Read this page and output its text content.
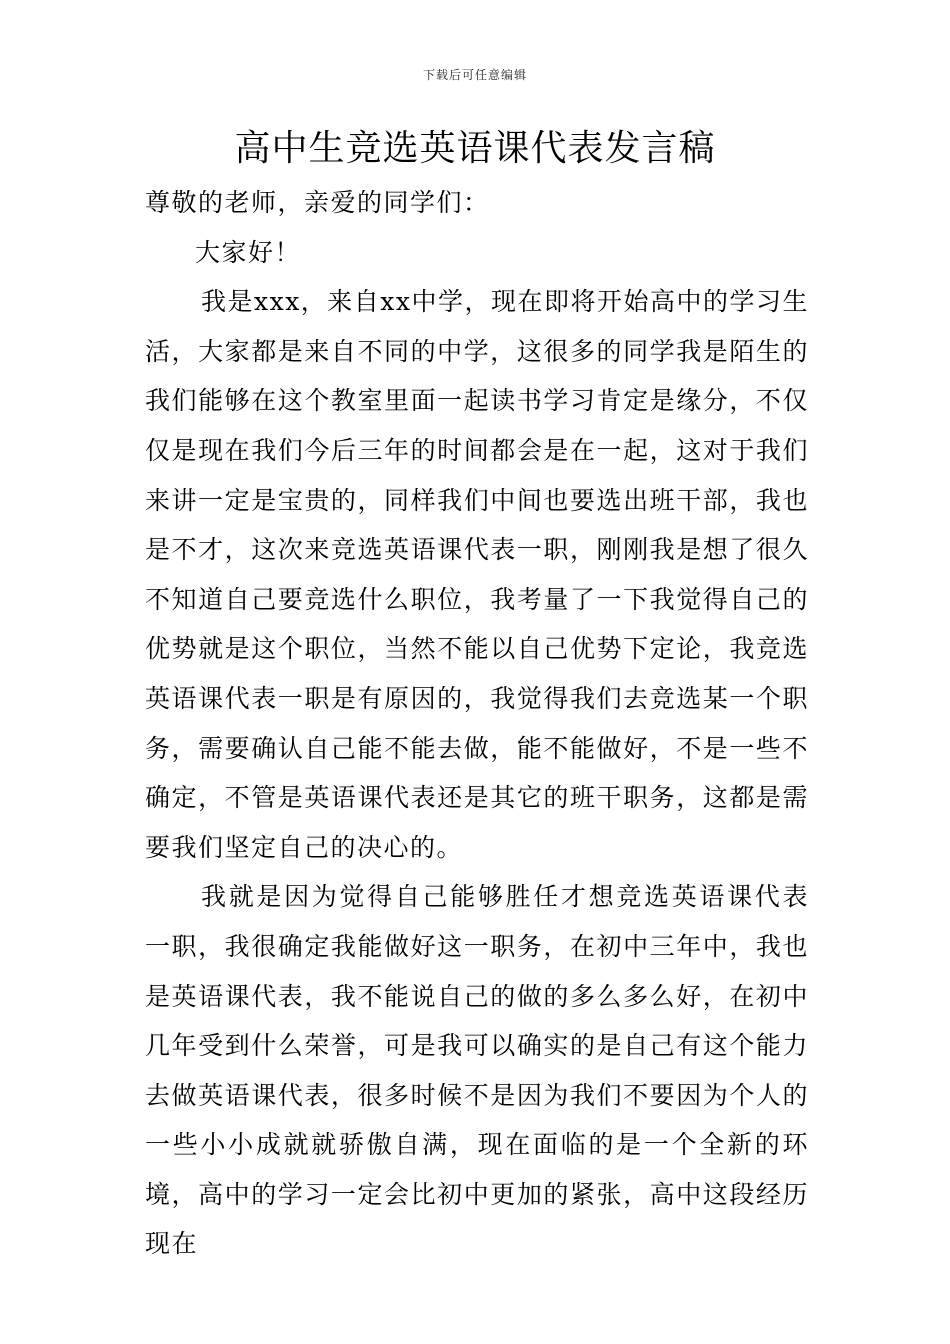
下载后可任意编辑
高中生竞选英语课代表发言稿

尊敬的老师，亲爱的同学们：

大家好！

我是xxx，来自xx中学，现在即将开始高中的学习生活，大家都是来自不同的中学，这很多的同学我是陌生的我们能够在这个教室里面一起读书学习肯定是缘分，不仅仅是现在我们今后三年的时间都会是在一起，这对于我们来讲一定是宝贵的，同样我们中间也要选出班干部，我也是不才，这次来竞选英语课代表一职，刚刚我是想了很久不知道自己要竞选什么职位，我考量了一下我觉得自己的优势就是这个职位，当然不能以自己优势下定论，我竞选英语课代表一职是有原因的，我觉得我们去竞选某一个职务，需要确认自己能不能去做，能不能做好，不是一些不确定，不管是英语课代表还是其它的班干职务，这都是需要我们坚定自己的决心的。

我就是因为觉得自己能够胜任才想竞选英语课代表一职，我很确定我能做好这一职务，在初中三年中，我也是英语课代表，我不能说自己的做的多么多么好，在初中几年受到什么荣誉，可是我可以确实的是自己有这个能力去做英语课代表，很多时候不是因为我们不要因为个人的一些小小成就就骄傲自满，现在面临的是一个全新的环境，高中的学习一定会比初中更加的紧张，高中这段经历现在
